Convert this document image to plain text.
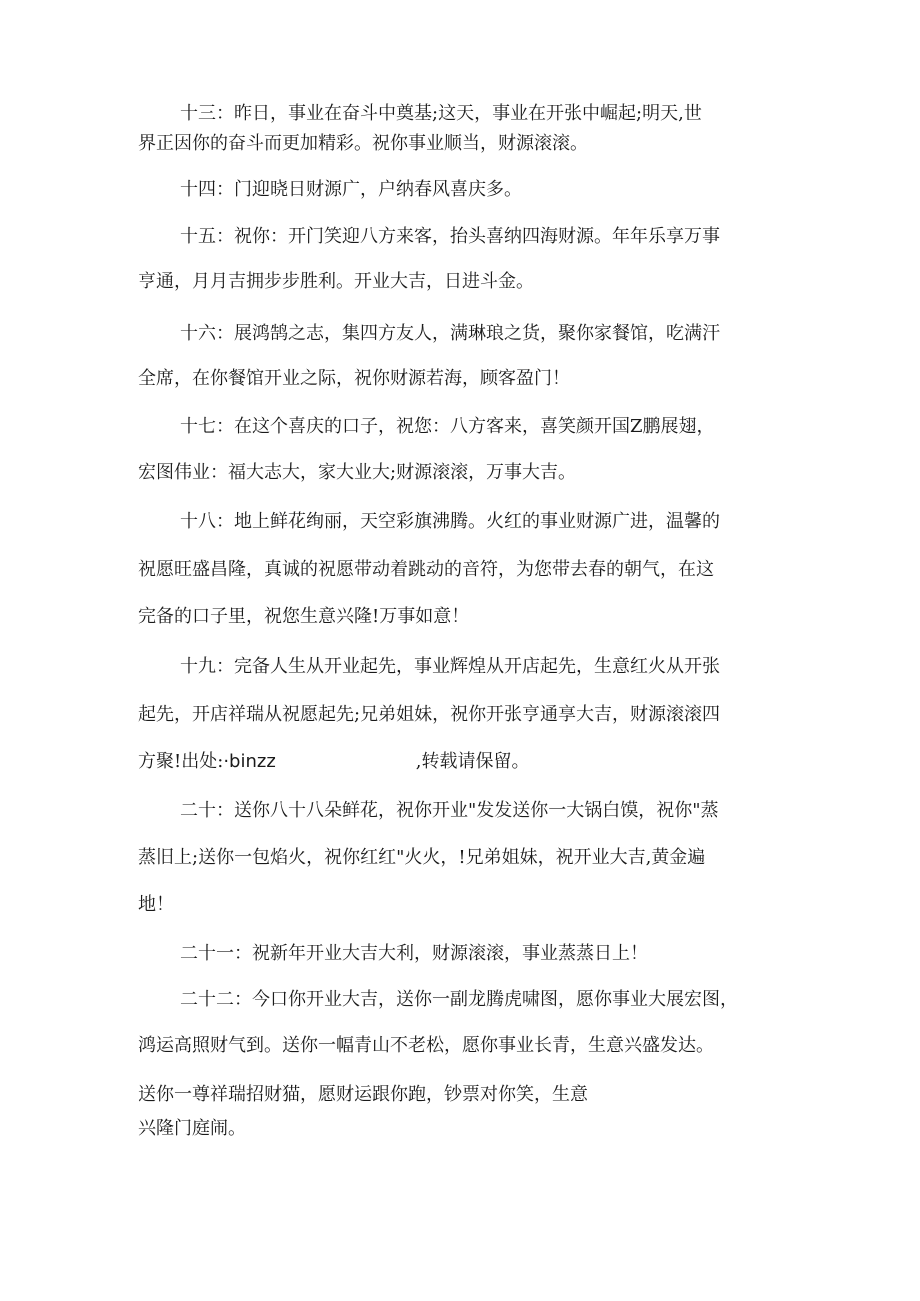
十三：昨日，事业在奋斗中奠基;这天，事业在开张中崛起;明天,世
界正因你的奋斗而更加精彩。祝你事业顺当，财源滚滚。
十四：门迎晓日财源广，户纳春风喜庆多。
十五：祝你：开门笑迎八方来客，抬头喜纳四海财源。年年乐享万事
亨通，月月吉拥步步胜利。开业大吉，日进斗金。
十六：展鸿鹄之志，集四方友人，满琳琅之货，聚你家餐馆，吃满汗
全席，在你餐馆开业之际，祝你财源若海，顾客盈门！
十七：在这个喜庆的口子，祝您：八方客来，喜笑颜开国Z鹏展翅，
宏图伟业：福大志大，家大业大;财源滚滚，万事大吉。
十八：地上鲜花绚丽，天空彩旗沸腾。火红的事业财源广进，温馨的
祝愿旺盛昌隆，真诚的祝愿带动着跳动的音符，为您带去春的朝气，在这
完备的口子里，祝您生意兴隆!万事如意！
十九：完备人生从开业起先，事业辉煌从开店起先，生意红火从开张
起先，开店祥瑞从祝愿起先;兄弟姐妹，祝你开张亨通享大吉，财源滚滚四
方聚!出处:·binzz	,转载请保留。
二十：送你八十八朵鲜花，祝你开业"发发送你一大锅白馍，祝你"蒸
蒸旧上;送你一包焰火，祝你红红"火火，!兄弟姐妹，祝开业大吉,黄金遍
地！
二十一：祝新年开业大吉大利，财源滚滚，事业蒸蒸日上！
二十二：今口你开业大吉，送你一副龙腾虎啸图，愿你事业大展宏图，
鸿运高照财气到。送你一幅青山不老松，愿你事业长青，生意兴盛发达。
送你一尊祥瑞招财猫，愿财运跟你跑，钞票对你笑，生意
兴隆门庭闹。
